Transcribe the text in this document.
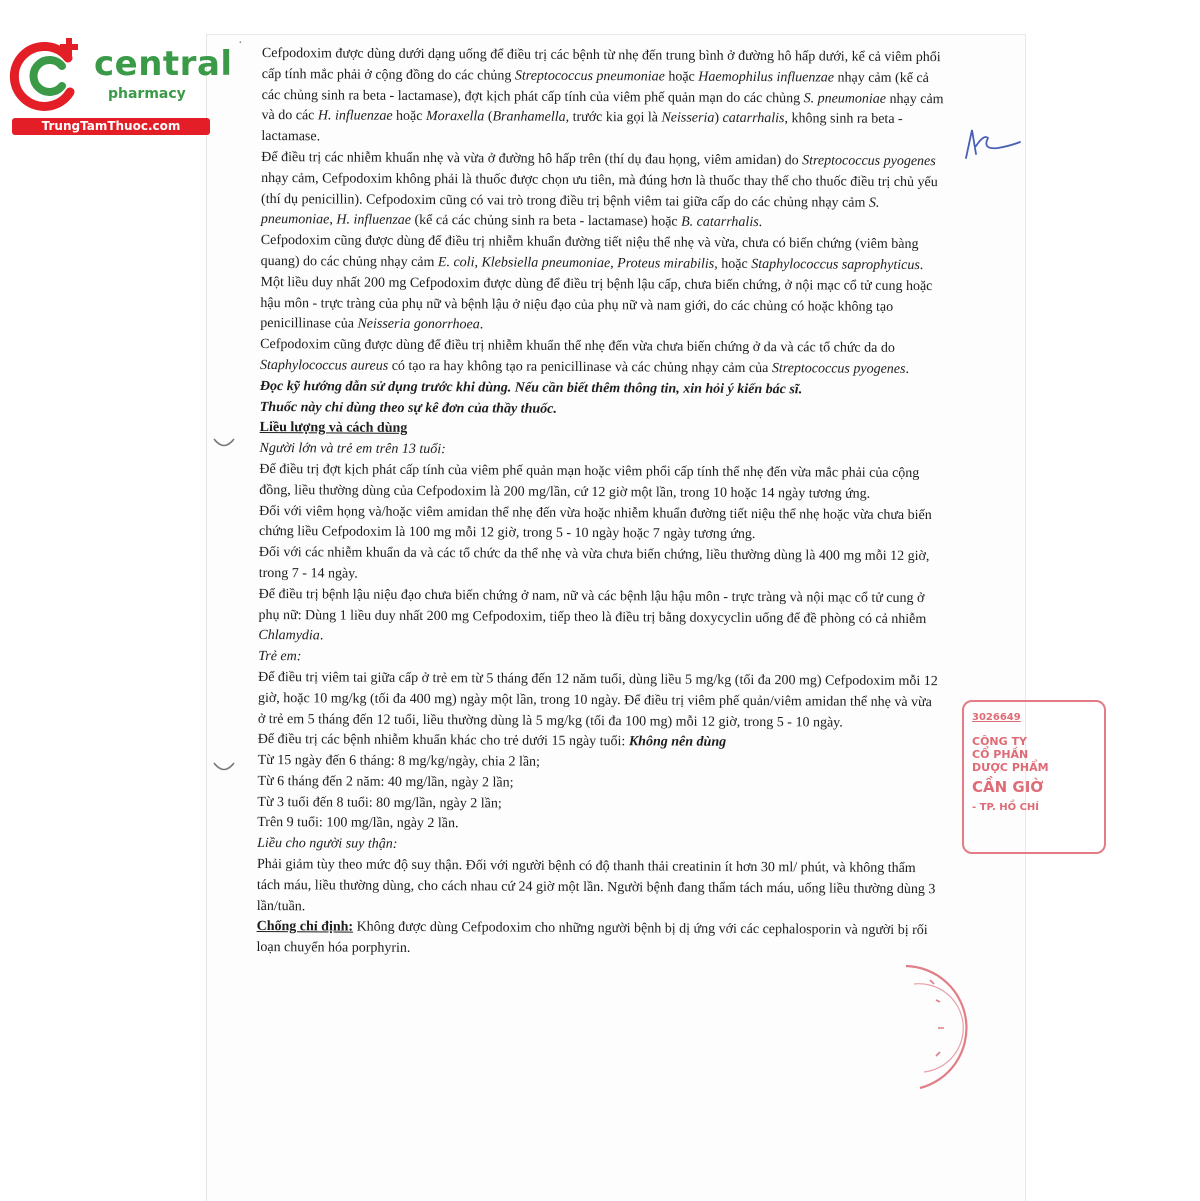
central
pharmacy
TrungTamThuoc.com
·
3026649
CÔNG TY
CỔ PHẦN
DƯỢC PHẨM
CẦN GIỜ
- TP. HỒ CHÍ

Cefpodoxim được dùng dưới dạng uống để điều trị các bệnh từ nhẹ đến trung bình ở đường hô hấp dưới, kể cả viêm phổi cấp tính mắc phải ở cộng đồng do các chủng Streptococcus pneumoniae hoặc Haemophilus influenzae nhạy cảm (kể cả các chủng sinh ra beta - lactamase), đợt kịch phát cấp tính của viêm phế quản mạn do các chủng S. pneumoniae nhạy cảm và do các H. influenzae hoặc Moraxella (Branhamella, trước kia gọi là Neisseria) catarrhalis, không sinh ra beta - lactamase.

Để điều trị các nhiễm khuẩn nhẹ và vừa ở đường hô hấp trên (thí dụ đau họng, viêm amidan) do Streptococcus pyogenes nhạy cảm, Cefpodoxim không phải là thuốc được chọn ưu tiên, mà đúng hơn là thuốc thay thế cho thuốc điều trị chủ yếu (thí dụ penicillin). Cefpodoxim cũng có vai trò trong điều trị bệnh viêm tai giữa cấp do các chủng nhạy cảm S. pneumoniae, H. influenzae (kể cả các chủng sinh ra beta - lactamase) hoặc B. catarrhalis.

Cefpodoxim cũng được dùng để điều trị nhiễm khuẩn đường tiết niệu thể nhẹ và vừa, chưa có biến chứng (viêm bàng quang) do các chủng nhạy cảm E. coli, Klebsiella pneumoniae, Proteus mirabilis, hoặc Staphylococcus saprophyticus.

Một liều duy nhất 200 mg Cefpodoxim được dùng để điều trị bệnh lậu cấp, chưa biến chứng, ở nội mạc cổ tử cung hoặc hậu môn - trực tràng của phụ nữ và bệnh lậu ở niệu đạo của phụ nữ và nam giới, do các chủng có hoặc không tạo penicillinase của Neisseria gonorrhoea.

Cefpodoxim cũng được dùng để điều trị nhiễm khuẩn thể nhẹ đến vừa chưa biến chứng ở da và các tổ chức da do Staphylococcus aureus có tạo ra hay không tạo ra penicillinase và các chủng nhạy cảm của Streptococcus pyogenes.

Đọc kỹ hướng dẫn sử dụng trước khi dùng. Nếu cần biết thêm thông tin, xin hỏi ý kiến bác sĩ.

Thuốc này chỉ dùng theo sự kê đơn của thầy thuốc.

Liều lượng và cách dùng

Người lớn và trẻ em trên 13 tuổi:

Để điều trị đợt kịch phát cấp tính của viêm phế quản mạn hoặc viêm phổi cấp tính thể nhẹ đến vừa mắc phải của cộng đồng, liều thường dùng của Cefpodoxim là 200 mg/lần, cứ 12 giờ một lần, trong 10 hoặc 14 ngày tương ứng.

Đối với viêm họng và/hoặc viêm amidan thể nhẹ đến vừa hoặc nhiễm khuẩn đường tiết niệu thể nhẹ hoặc vừa chưa biến chứng liều Cefpodoxim là 100 mg mỗi 12 giờ, trong 5 - 10 ngày hoặc 7 ngày tương ứng.

Đối với các nhiễm khuẩn da và các tổ chức da thể nhẹ và vừa chưa biến chứng, liều thường dùng là 400 mg mỗi 12 giờ, trong 7 - 14 ngày.

Để điều trị bệnh lậu niệu đạo chưa biến chứng ở nam, nữ và các bệnh lậu hậu môn - trực tràng và nội mạc cổ tử cung ở phụ nữ: Dùng 1 liều duy nhất 200 mg Cefpodoxim, tiếp theo là điều trị bằng doxycyclin uống để đề phòng có cả nhiễm Chlamydia.

Trẻ em:

Để điều trị viêm tai giữa cấp ở trẻ em từ 5 tháng đến 12 năm tuổi, dùng liều 5 mg/kg (tối đa 200 mg) Cefpodoxim mỗi 12 giờ, hoặc 10 mg/kg (tối đa 400 mg) ngày một lần, trong 10 ngày. Để điều trị viêm phế quản/viêm amidan thể nhẹ và vừa ở trẻ em 5 tháng đến 12 tuổi, liều thường dùng là 5 mg/kg (tối đa 100 mg) mỗi 12 giờ, trong 5 - 10 ngày.

Để điều trị các bệnh nhiễm khuẩn khác cho trẻ dưới 15 ngày tuổi: Không nên dùng

Từ 15 ngày đến 6 tháng: 8 mg/kg/ngày, chia 2 lần;

Từ 6 tháng đến 2 năm: 40 mg/lần, ngày 2 lần;

Từ 3 tuổi đến 8 tuổi: 80 mg/lần, ngày 2 lần;

Trên 9 tuổi: 100 mg/lần, ngày 2 lần.

Liều cho người suy thận:

Phải giảm tùy theo mức độ suy thận. Đối với người bệnh có độ thanh thải creatinin ít hơn 30 ml/ phút, và không thẩm tách máu, liều thường dùng, cho cách nhau cứ 24 giờ một lần. Người bệnh đang thẩm tách máu, uống liều thường dùng 3 lần/tuần.

Chống chỉ định: Không được dùng Cefpodoxim cho những người bệnh bị dị ứng với các cephalosporin và người bị rối loạn chuyển hóa porphyrin.
